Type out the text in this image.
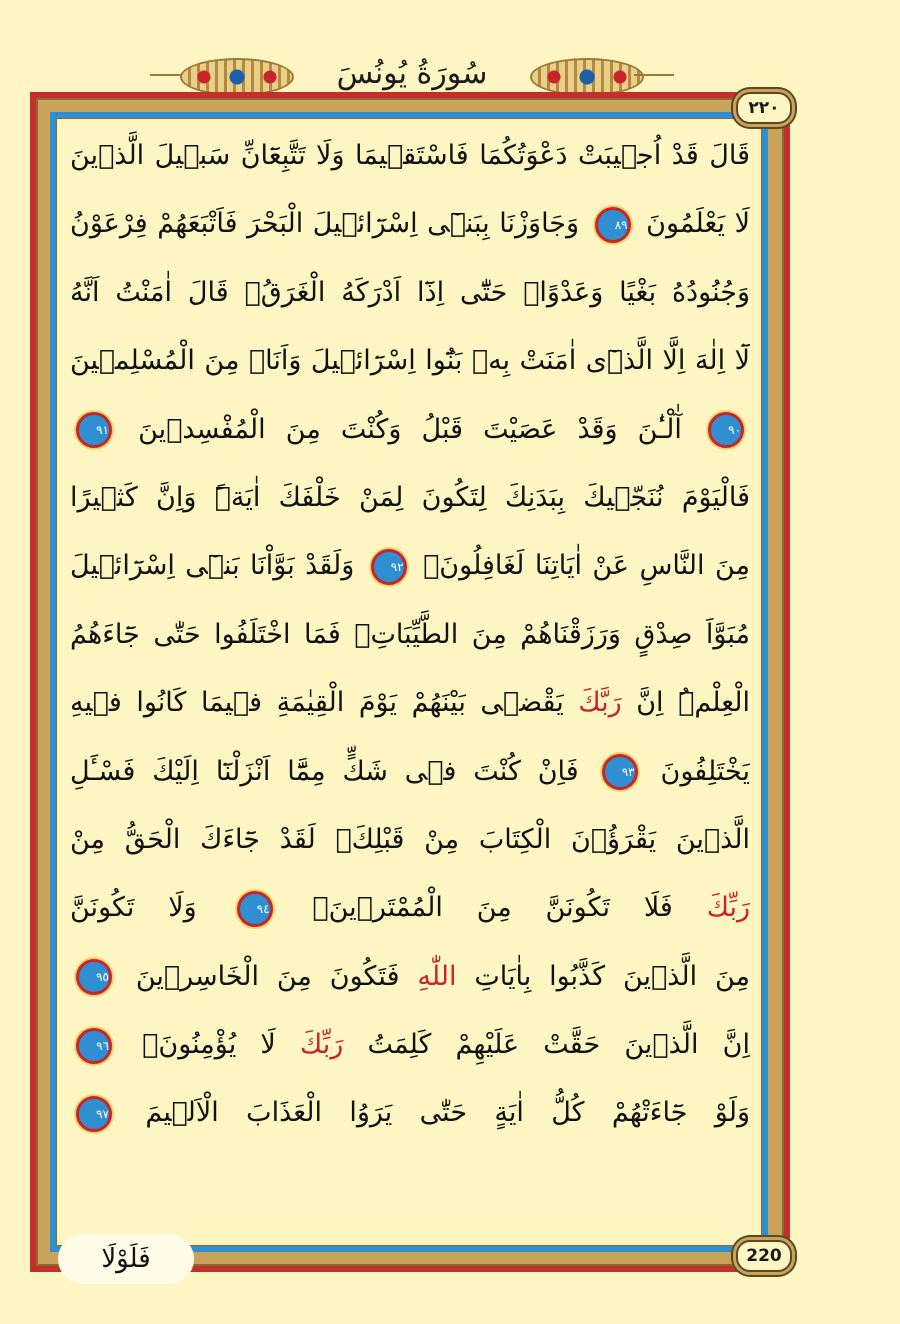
سُورَةُ يُونُسَ
٢٢٠
قَالَ قَدْ اُجٖيبَتْ دَعْوَتُكُمَا فَاسْتَقٖيمَا وَلَا تَتَّبِعَٓانِّ سَبٖيلَ الَّذٖينَ
لَا يَعْلَمُونَ ٨٩ وَجَاوَزْنَا بِبَنٖٓى اِسْرَٓائٖيلَ الْبَحْرَ فَاَتْبَعَهُمْ فِرْعَوْنُ
وَجُنُودُهُ بَغْيًا وَعَدْوًاۜ حَتّٰٓى اِذَٓا اَدْرَكَهُ الْغَرَقُۙ قَالَ اٰمَنْتُ اَنَّهُ
لَٓا اِلٰهَ اِلَّا الَّذٖٓى اٰمَنَتْ بِهٖ بَنُٓوا اِسْرَٓائٖيلَ وَاَنَا۬ مِنَ الْمُسْلِمٖينَ
٩٠ آٰلْـٰٔنَ وَقَدْ عَصَيْتَ قَبْلُ وَكُنْتَ مِنَ الْمُفْسِدٖينَ ٩١
فَالْيَوْمَ نُنَجّٖيكَ بِبَدَنِكَ لِتَكُونَ لِمَنْ خَلْفَكَ اٰيَةًۜ وَاِنَّ كَثٖيرًا
مِنَ النَّاسِ عَنْ اٰيَاتِنَا لَغَافِلُونَۚ ٩٢ وَلَقَدْ بَوَّاْنَا بَنٖٓى اِسْرَٓائٖيلَ
مُبَوَّاَ صِدْقٍ وَرَزَقْنَاهُمْ مِنَ الطَّيِّبَاتِۚ فَمَا اخْتَلَفُوا حَتّٰى جَٓاءَهُمُ
الْعِلْمُۜ اِنَّ رَبَّكَ يَقْضٖى بَيْنَهُمْ يَوْمَ الْقِيٰمَةِ فٖيمَا كَانُوا فٖيهِ
يَخْتَلِفُونَ ٩٣ فَاِنْ كُنْتَ فٖى شَكٍّ مِمَّٓا اَنْزَلْنَٓا اِلَيْكَ فَسْـَٔلِ
الَّذٖينَ يَقْرَؤُ۫نَ الْكِتَابَ مِنْ قَبْلِكَۚ لَقَدْ جَٓاءَكَ الْحَقُّ مِنْ
رَبِّكَ فَلَا تَكُونَنَّ مِنَ الْمُمْتَرٖينَۙ ٩٤ وَلَا تَكُونَنَّ
مِنَ الَّذٖينَ كَذَّبُوا بِاٰيَاتِ اللّٰهِ فَتَكُونَ مِنَ الْخَاسِرٖينَ ٩٥
اِنَّ الَّذٖينَ حَقَّتْ عَلَيْهِمْ كَلِمَتُ رَبِّكَ لَا يُؤْمِنُونَۙ ٩٦
وَلَوْ جَٓاءَتْهُمْ كُلُّ اٰيَةٍ حَتّٰى يَرَوُا الْعَذَابَ الْاَلٖيمَ ٩٧
220
فَلَوْلَا
